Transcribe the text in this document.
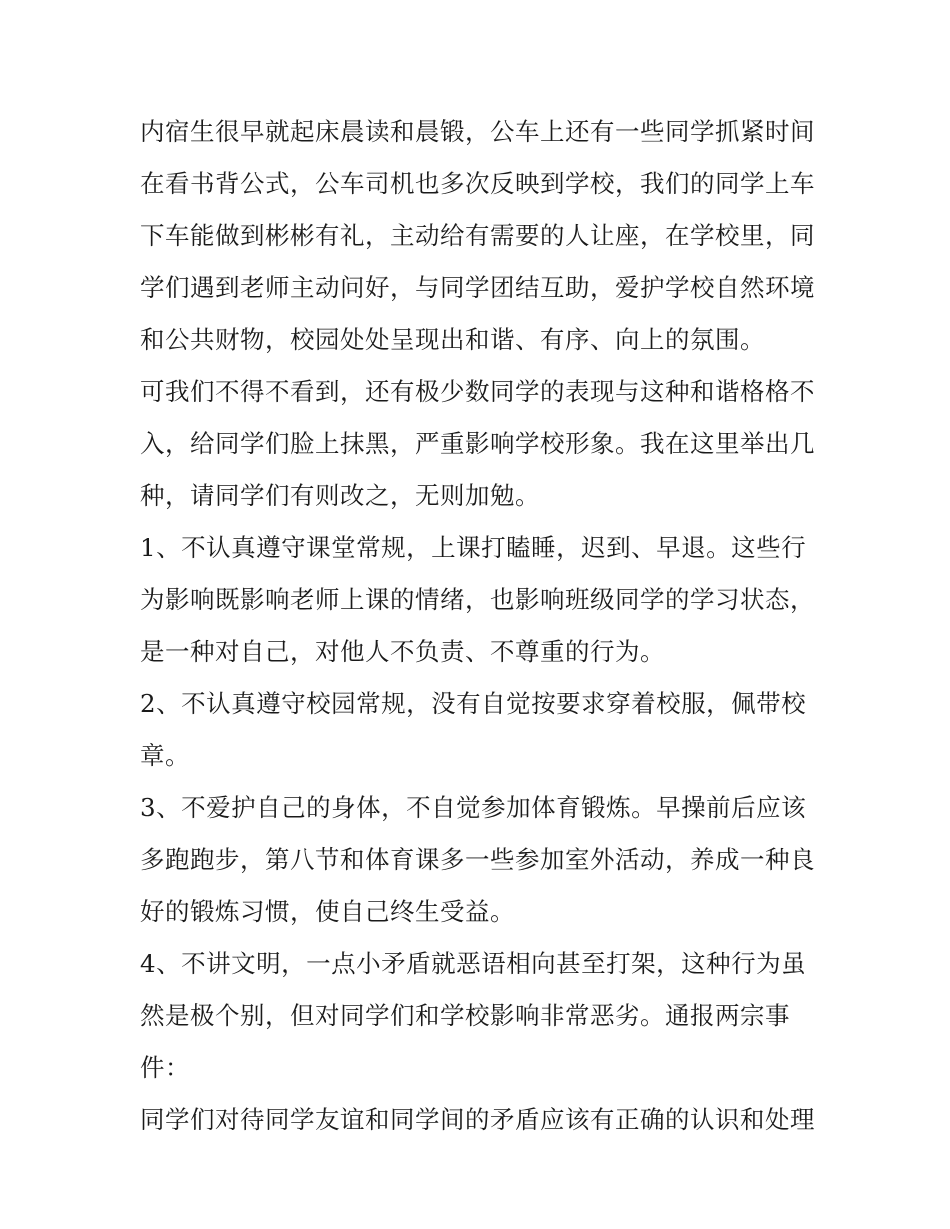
内宿生很早就起床晨读和晨锻，公车上还有一些同学抓紧时间
在看书背公式，公车司机也多次反映到学校，我们的同学上车
下车能做到彬彬有礼，主动给有需要的人让座，在学校里，同
学们遇到老师主动问好，与同学团结互助，爱护学校自然环境
和公共财物，校园处处呈现出和谐、有序、向上的氛围。
可我们不得不看到，还有极少数同学的表现与这种和谐格格不
入，给同学们脸上抹黑，严重影响学校形象。我在这里举出几
种，请同学们有则改之，无则加勉。
1、不认真遵守课堂常规，上课打瞌睡，迟到、早退。这些行
为影响既影响老师上课的情绪，也影响班级同学的学习状态，
是一种对自己，对他人不负责、不尊重的行为。
2、不认真遵守校园常规，没有自觉按要求穿着校服，佩带校
章。
3、不爱护自己的身体，不自觉参加体育锻炼。早操前后应该
多跑跑步，第八节和体育课多一些参加室外活动，养成一种良
好的锻炼习惯，使自己终生受益。
4、不讲文明，一点小矛盾就恶语相向甚至打架，这种行为虽
然是极个别，但对同学们和学校影响非常恶劣。通报两宗事
件：
同学们对待同学友谊和同学间的矛盾应该有正确的认识和处理
